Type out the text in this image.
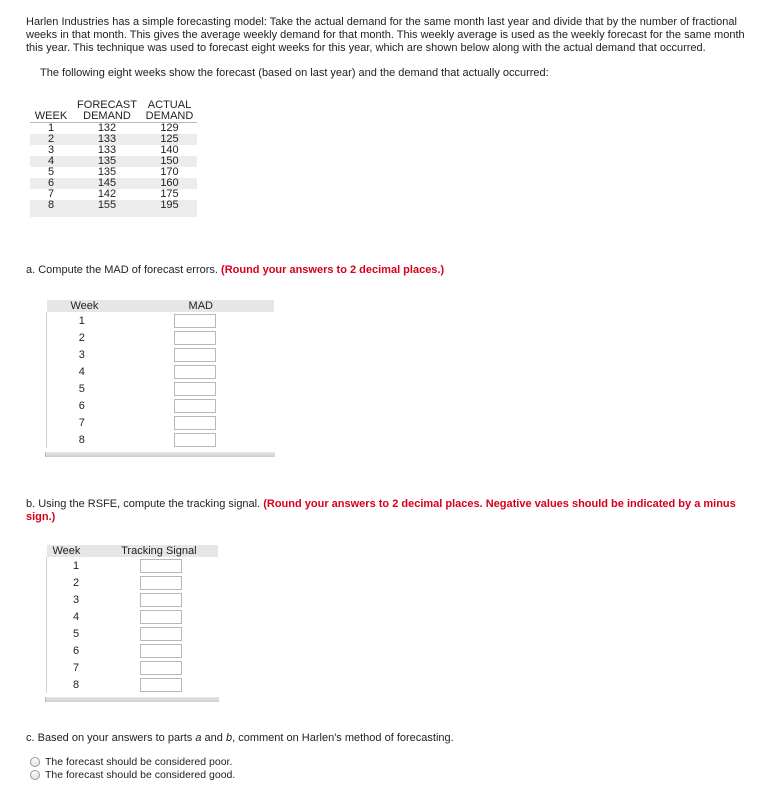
Harlen Industries has a simple forecasting model: Take the actual demand for the same month last year and divide that by the number of fractional weeks in that month. This gives the average weekly demand for that month. This weekly average is used as the weekly forecast for the same month this year. This technique was used to forecast eight weeks for this year, which are shown below along with the actual demand that occurred.
The following eight weeks show the forecast (based on last year) and the demand that actually occurred:
WEEK	FORECAST	ACTUAL
	DEMAND	DEMAND
1	132	129
2	133	125
3	133	140
4	135	150
5	135	170
6	145	160
7	142	175
8	155	195

a. Compute the MAD of forecast errors. (Round your answers to 2 decimal places.)
Week	MAD
1	

2	

3	

4	

5	

6	

7	

8	
b. Using the RSFE, compute the tracking signal. (Round your answers to 2 decimal places. Negative values should be indicated by a minus sign.)
Week	Tracking Signal
1	

2	

3	

4	

5	

6	

7	

8	
c. Based on your answers to parts a and b, comment on Harlen's method of forecasting.
The forecast should be considered poor.
The forecast should be considered good.
